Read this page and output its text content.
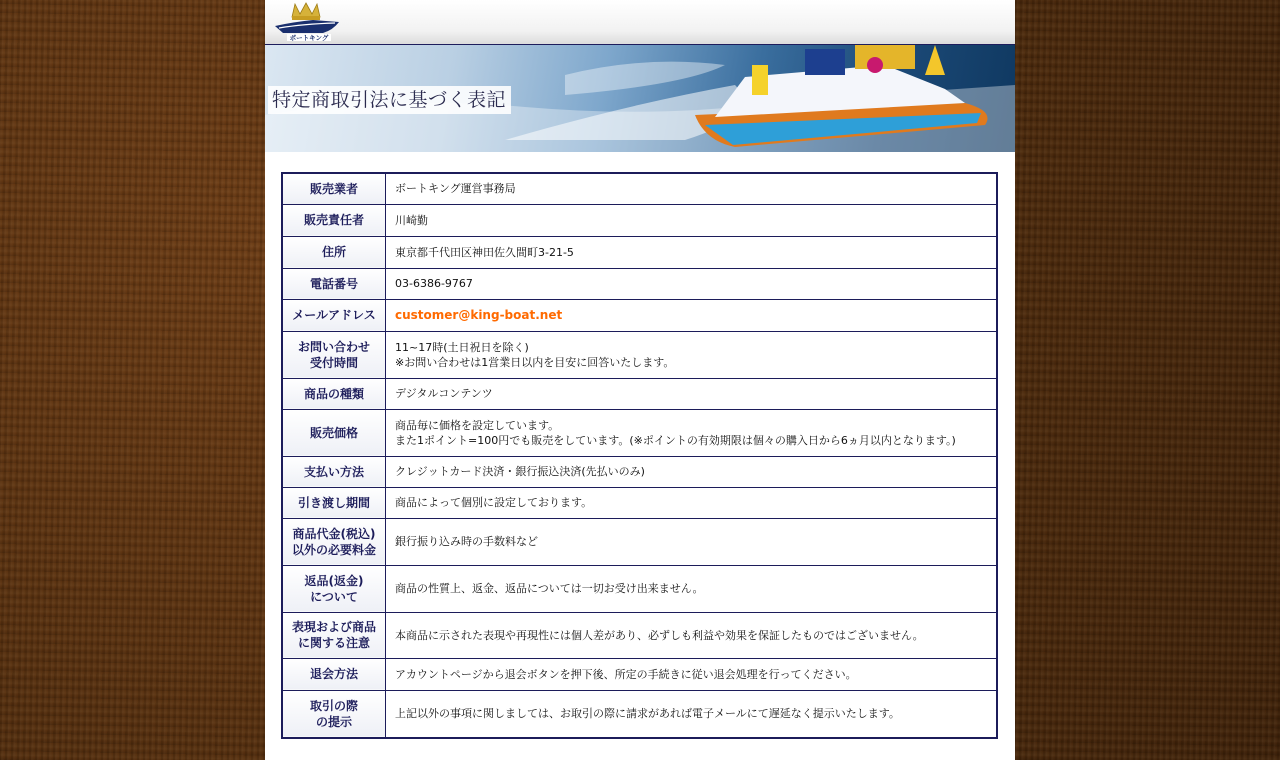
ボートキング
特定商取引法に基づく表記
販売業者	ボートキング運営事務局

販売責任者	川崎勤

住所	東京都千代田区神田佐久間町3-21-5

電話番号	03-6386-9767

メールアドレス	customer@king-boat.net

お問い合わせ
受付時間	11~17時(土日祝日を除く)
※お問い合わせは1営業日以内を目安に回答いたします。

商品の種類	デジタルコンテンツ

販売価格	商品毎に価格を設定しています。
また1ポイント=100円でも販売をしています。(※ポイントの有効期限は個々の購入日から6ヵ月以内となります。)

支払い方法	クレジットカード決済・銀行振込決済(先払いのみ)

引き渡し期間	商品によって個別に設定しております。

商品代金(税込)
以外の必要料金	銀行振り込み時の手数料など

返品(返金)
について	商品の性質上、返金、返品については一切お受け出来ません。

表現および商品
に関する注意	本商品に示された表現や再現性には個人差があり、必ずしも利益や効果を保証したものではございません。

退会方法	アカウントページから退会ボタンを押下後、所定の手続きに従い退会処理を行ってください。

取引の際
の提示	上記以外の事項に関しましては、お取引の際に請求があれば電子メールにて遅延なく提示いたします。
